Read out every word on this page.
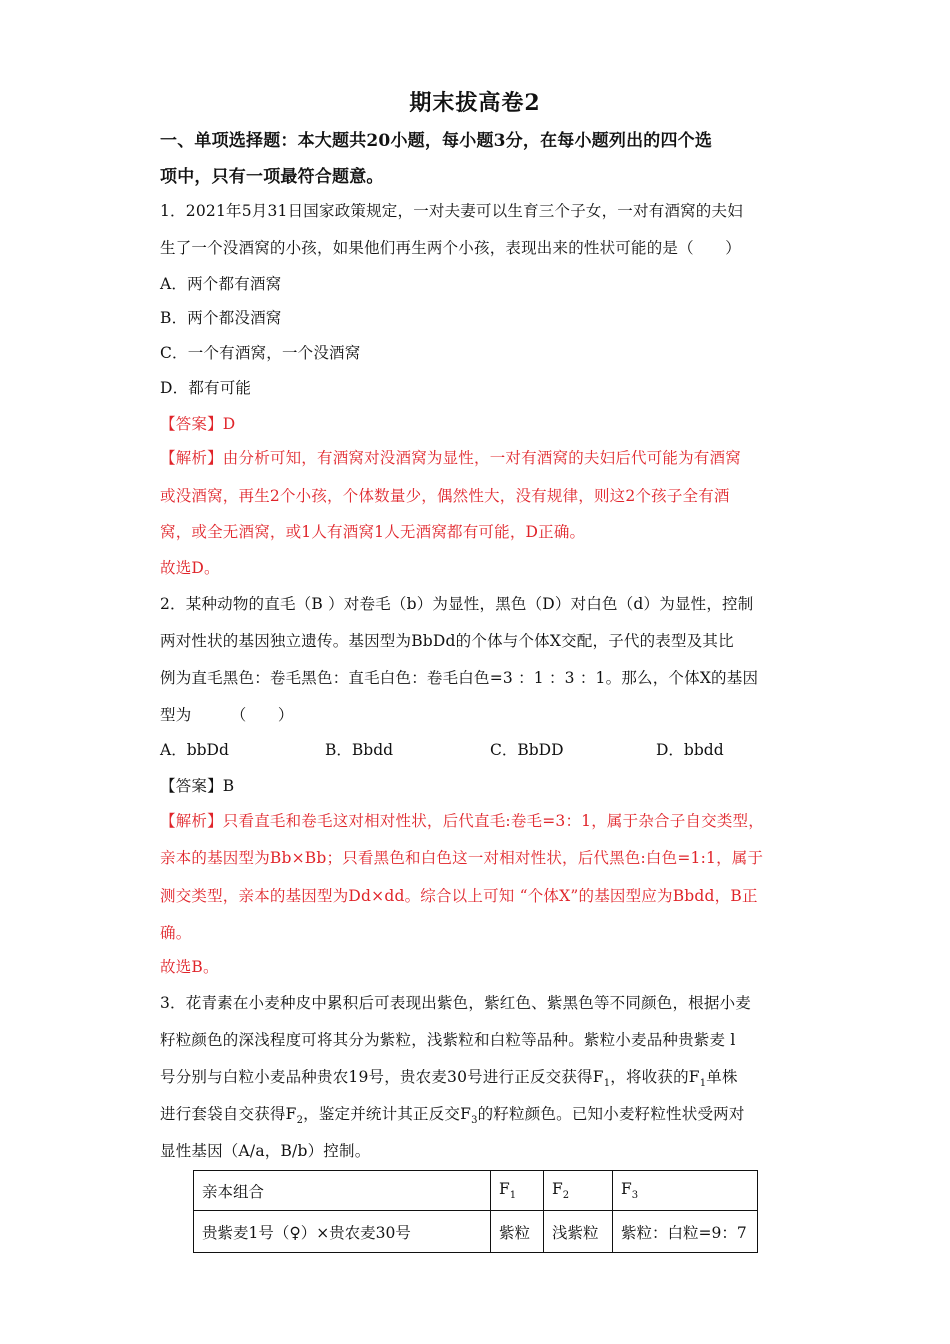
期末拔高卷2
一、单项选择题：本大题共20小题，每小题3分，在每小题列出的四个选
项中，只有一项最符合题意。
1．2021年5月31日国家政策规定，一对夫妻可以生育三个子女，一对有酒窝的夫妇
生了一个没酒窝的小孩，如果他们再生两个小孩，表现出来的性状可能的是（　　）
A．两个都有酒窝
B．两个都没酒窝
C．一个有酒窝，一个没酒窝
D．都有可能
【答案】D
【解析】由分析可知，有酒窝对没酒窝为显性，一对有酒窝的夫妇后代可能为有酒窝
或没酒窝，再生2个小孩，个体数量少，偶然性大，没有规律，则这2个孩子全有酒
窝，或全无酒窝，或1人有酒窝1人无酒窝都有可能，D正确。
故选D。
2．某种动物的直毛（B ）对卷毛（b）为显性，黑色（D）对白色（d）为显性，控制
两对性状的基因独立遗传。基因型为BbDd的个体与个体X交配，子代的表型及其比
例为直毛黑色：卷毛黑色：直毛白色：卷毛白色=3 ：1 ：3 ：1。那么，个体X的基因
型为　　　（　　）
A．bbDd	B．Bbdd	C．BbDD	D．bbdd
【答案】B
【解析】只看直毛和卷毛这对相对性状，后代直毛:卷毛=3：1，属于杂合子自交类型，
亲本的基因型为Bb×Bb；只看黑色和白色这一对相对性状，后代黑色:白色=1:1，属于
测交类型，亲本的基因型为Dd×dd。综合以上可知 “个体X”的基因型应为Bbdd，B正
确。
故选B。
3．花青素在小麦种皮中累积后可表现出紫色，紫红色、紫黑色等不同颜色，根据小麦
籽粒颜色的深浅程度可将其分为紫粒，浅紫粒和白粒等品种。紫粒小麦品种贵紫麦 l
号分别与白粒小麦品种贵农19号，贵农麦30号进行正反交获得$F_1$，将收获的$F_1$单株
进行套袋自交获得$F_2$，鉴定并统计其正反交$F_3$的籽粒颜色。已知小麦籽粒性状受两对
显性基因（A/a，B/b）控制。
亲本组合	$F_1$	$F_2$	$F_3$
贵紫麦1号（♀）×贵农麦30号	紫粒	浅紫粒	紫粒：白粒=9：7
